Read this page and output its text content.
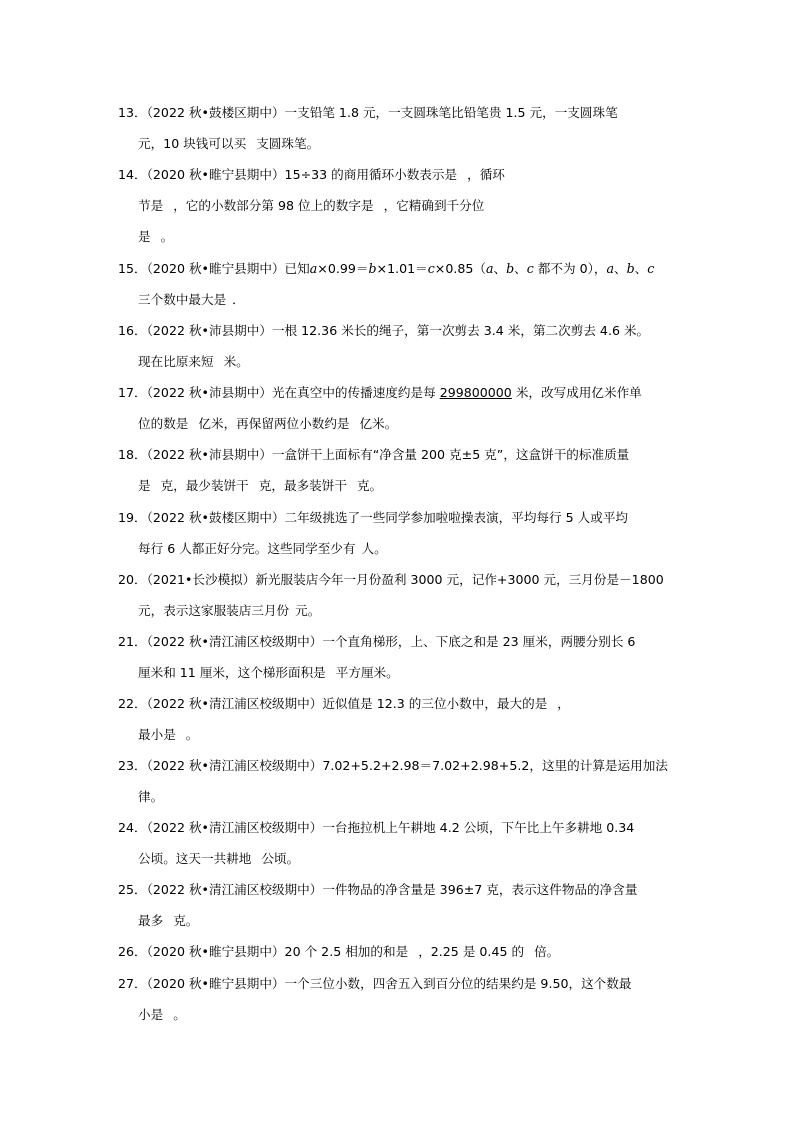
13．（2022 秋•鼓楼区期中）一支铅笔 1.8 元，一支圆珠笔比铅笔贵 1.5 元，一支圆珠笔
元，10 块钱可以买 支圆珠笔。
14．（2020 秋•睢宁县期中）15÷33 的商用循环小数表示是 ，循环
节是 ，它的小数部分第 98 位上的数字是 ，它精确到千分位
是 。
15．（2020 秋•睢宁县期中）已知a×0.99＝b×1.01＝c×0.85（a、b、c 都不为 0），a、b、c
三个数中最大是 ．
16．（2022 秋•沛县期中）一根 12.36 米长的绳子，第一次剪去 3.4 米，第二次剪去 4.6 米。
现在比原来短 米。
17．（2022 秋•沛县期中）光在真空中的传播速度约是每 299800000 米，改写成用亿米作单
位的数是 亿米，再保留两位小数约是 亿米。
18．（2022 秋•沛县期中）一盒饼干上面标有“净含量 200 克±5 克”，这盒饼干的标准质量
是 克，最少装饼干 克，最多装饼干 克。
19．（2022 秋•鼓楼区期中）二年级挑选了一些同学参加啦啦操表演，平均每行 5 人或平均
每行 6 人都正好分完。这些同学至少有 人。
20．（2021•长沙模拟）新光服装店今年一月份盈利 3000 元，记作+3000 元，三月份是－1800
元，表示这家服装店三月份 元。
21．（2022 秋•清江浦区校级期中）一个直角梯形，上、下底之和是 23 厘米，两腰分别长 6
厘米和 11 厘米，这个梯形面积是 平方厘米。
22．（2022 秋•清江浦区校级期中）近似值是 12.3 的三位小数中，最大的是 ，
最小是 。
23．（2022 秋•清江浦区校级期中）7.02+5.2+2.98＝7.02+2.98+5.2，这里的计算是运用加法
律。
24．（2022 秋•清江浦区校级期中）一台拖拉机上午耕地 4.2 公顷，下午比上午多耕地 0.34
公顷。这天一共耕地 公顷。
25．（2022 秋•清江浦区校级期中）一件物品的净含量是 396±7 克，表示这件物品的净含量
最多 克。
26．（2020 秋•睢宁县期中）20 个 2.5 相加的和是 ，2.25 是 0.45 的 倍。
27．（2020 秋•睢宁县期中）一个三位小数，四舍五入到百分位的结果约是 9.50，这个数最
小是 。
